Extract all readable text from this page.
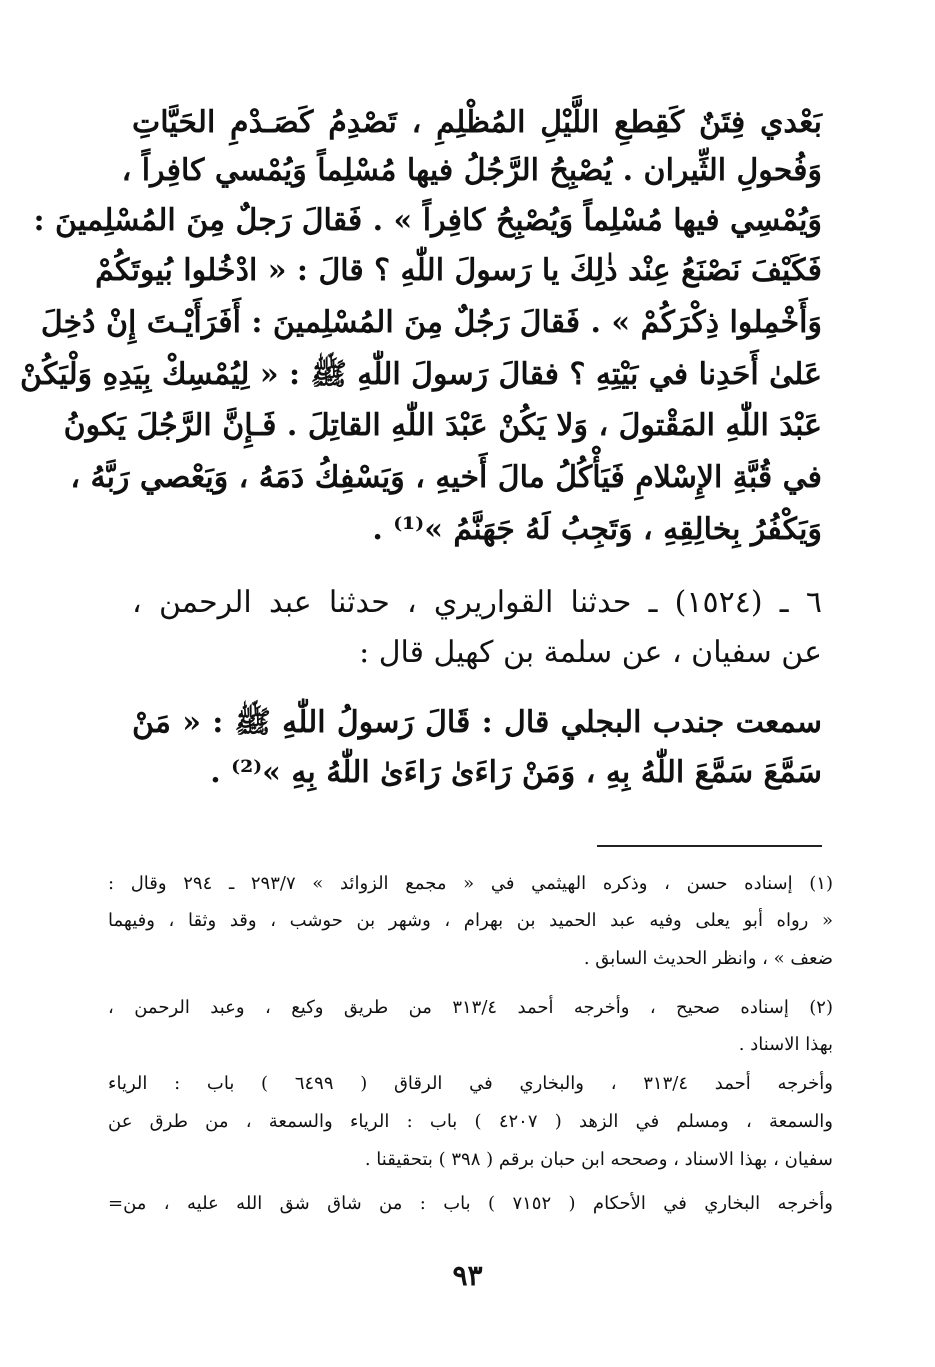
بَعْدي فِتَنٌ كَقِطعِ اللَّيْلِ المُظْلِمِ ، تَصْدِمُ كَصَـدْمِ الحَيَّاتِ
وَفُحولِ الثِّيران . يُصْبِحُ الرَّجُلُ فيها مُسْلِماً وَيُمْسي كافِراً ،
وَيُمْسِي فيها مُسْلِماً وَيُصْبِحُ كافِراً » . فَقالَ رَجلٌ مِنَ المُسْلِمينَ :
فَكَيْفَ نَصْنَعُ عِنْد ذٰلِكَ يا رَسولَ اللّٰهِ ؟ قالَ : « ادْخُلوا بُيوتَكُمْ
وَأَخْمِلوا ذِكْرَكُمْ » . فَقالَ رَجُلٌ مِنَ المُسْلِمينَ : أَفَرَأَيْـتَ إِنْ دُخِلَ
عَلىٰ أَحَدِنا في بَيْتِهِ ؟ فقالَ رَسولَ اللّٰهِ ﷺ : « لِيُمْسِكْ بِيَدِهِ وَلْيَكُنْ
عَبْدَ اللّٰهِ المَقْتولَ ، وَلا يَكُنْ عَبْدَ اللّٰهِ القاتِلَ . فَـإِنَّ الرَّجُلَ يَكونُ
في قُبَّةِ الإِسْلامِ فَيَأْكُلُ مالَ أَخيهِ ، وَيَسْفِكُ دَمَهُ ، وَيَعْصي رَبَّهُ ،
وَيَكْفُرُ بِخالِقِهِ ، وَتَجِبُ لَهُ جَهَنَّمُ »⁽¹⁾ .
٦ ـ (١٥٢٤) ـ حدثنا القواريري ، حدثنا عبد الرحمن ،
عن سفيان ، عن سلمة بن كهيل قال :
سمعت جندب البجلي قال : قَالَ رَسولُ اللّٰهِ ﷺ : « مَنْ
سَمَّعَ سَمَّعَ اللّٰهُ بِهِ ، وَمَنْ رَاءَىٰ رَاءَىٰ اللّٰهُ بِهِ »⁽²⁾ .
(١) إسناده حسن ، وذكره الهيثمي في « مجمع الزوائد » ٢٩٣/٧ ـ ٢٩٤ وقال :
« رواه أبو يعلى وفيه عبد الحميد بن بهرام ، وشهر بن حوشب ، وقد وثقا ، وفيهما
ضعف » ، وانظر الحديث السابق .
(٢) إسناده صحيح ، وأخرجه أحمد ٣١٣/٤ من طريق وكيع ، وعبد الرحمن ،
بهذا الاسناد .
وأخرجه أحمد ٣١٣/٤ ، والبخاري في الرقاق ( ٦٤٩٩ ) باب : الرياء
والسمعة ، ومسلم في الزهد ( ٤٢٠٧ ) باب : الرياء والسمعة ، من طرق عن
سفيان ، بهذا الاسناد ، وصححه ابن حبان برقم ( ٣٩٨ ) بتحقيقنا .
وأخرجه البخاري في الأحكام ( ٧١٥٢ ) باب : من شاق شق الله عليه ، من=
٩٣
